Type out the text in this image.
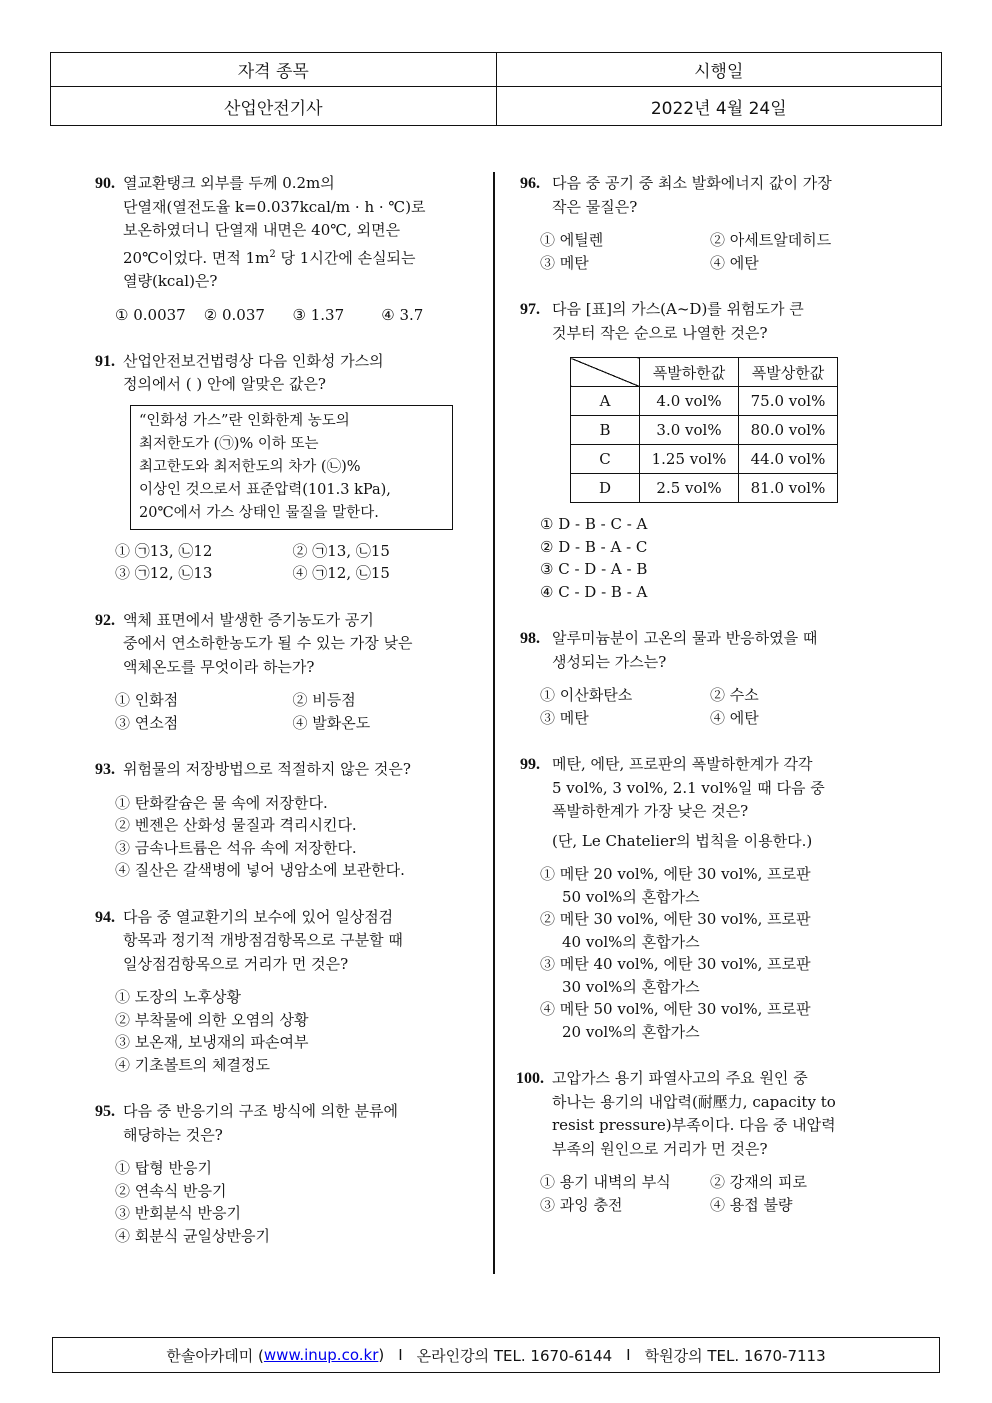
자격 종목	시행일
산업안전기사	2022년 4월 24일
90. 열교환탱크 외부를 두께 0.2m의
단열재(열전도율 k=0.037kcal/m · h · ℃)로
보온하였더니 단열재 내면은 40℃, 외면은
20℃이었다. 면적 $1m^2$ 당 1시간에 손실되는
열량(kcal)은?
① 0.0037	② 0.037	③ 1.37	④ 3.7
91. 산업안전보건법령상 다음 인화성 가스의
정의에서 ( ) 안에 알맞은 값은?
“인화성 가스”란 인화한계 농도의
최저한도가 (㉠)% 이하 또는
최고한도와 최저한도의 차가 (㉡)%
이상인 것으로서 표준압력(101.3 kPa),
20℃에서 가스 상태인 물질을 말한다.
① ㉠13, ㉡12	② ㉠13, ㉡15
③ ㉠12, ㉡13	④ ㉠12, ㉡15
92. 액체 표면에서 발생한 증기농도가 공기
중에서 연소하한농도가 될 수 있는 가장 낮은
액체온도를 무엇이라 하는가?
① 인화점	② 비등점
③ 연소점	④ 발화온도
93. 위험물의 저장방법으로 적절하지 않은 것은?
① 탄화칼슘은 물 속에 저장한다.
② 벤젠은 산화성 물질과 격리시킨다.
③ 금속나트륨은 석유 속에 저장한다.
④ 질산은 갈색병에 넣어 냉암소에 보관한다.
94. 다음 중 열교환기의 보수에 있어 일상점검
항목과 정기적 개방점검항목으로 구분할 때
일상점검항목으로 거리가 먼 것은?
① 도장의 노후상황
② 부착물에 의한 오염의 상황
③ 보온재, 보냉재의 파손여부
④ 기초볼트의 체결정도
95. 다음 중 반응기의 구조 방식에 의한 분류에
해당하는 것은?
① 탑형 반응기
② 연속식 반응기
③ 반회분식 반응기
④ 회분식 균일상반응기
96. 다음 중 공기 중 최소 발화에너지 값이 가장
작은 물질은?
① 에틸렌	② 아세트알데히드
③ 메탄	④ 에탄
97. 다음 [표]의 가스(A~D)를 위험도가 큰
것부터 작은 순으로 나열한 것은?
	폭발하한값	폭발상한값
A	4.0 vol%	75.0 vol%
B	3.0 vol%	80.0 vol%
C	1.25 vol%	44.0 vol%
D	2.5 vol%	81.0 vol%
① D - B - C - A
② D - B - A - C
③ C - D - A - B
④ C - D - B - A
98. 알루미늄분이 고온의 물과 반응하였을 때
생성되는 가스는?
① 이산화탄소	② 수소
③ 메탄	④ 에탄
99. 메탄, 에탄, 프로판의 폭발하한계가 각각
5 vol%, 3 vol%, 2.1 vol%일 때 다음 중
폭발하한계가 가장 낮은 것은?
(단, Le Chatelier의 법칙을 이용한다.)
① 메탄 20 vol%, 에탄 30 vol%, 프로판
50 vol%의 혼합가스
② 메탄 30 vol%, 에탄 30 vol%, 프로판
40 vol%의 혼합가스
③ 메탄 40 vol%, 에탄 30 vol%, 프로판
30 vol%의 혼합가스
④ 메탄 50 vol%, 에탄 30 vol%, 프로판
20 vol%의 혼합가스
100. 고압가스 용기 파열사고의 주요 원인 중
하나는 용기의 내압력(耐壓力, capacity to
resist pressure)부족이다. 다음 중 내압력
부족의 원인으로 거리가 먼 것은?
① 용기 내벽의 부식	② 강재의 피로
③ 과잉 충전	④ 용접 불량
한솔아카데미 ( www.inup.co.kr ) I 온라인강의 TEL. 1670-6144 I 학원강의 TEL. 1670-7113
